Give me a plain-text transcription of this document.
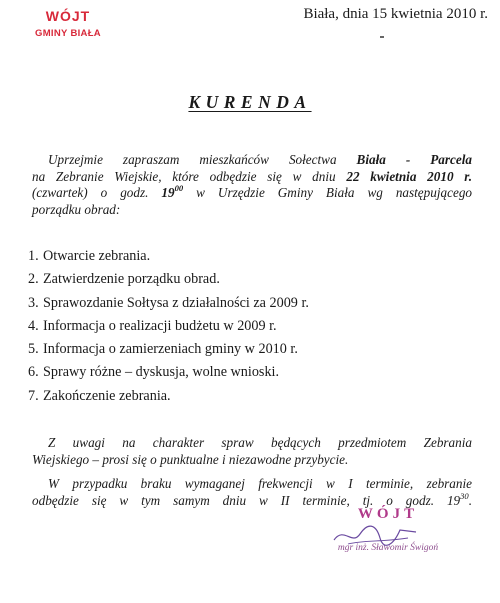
WÓJT
GMINY BIAŁA
Biała, dnia 15 kwietnia 2010 r.
KURENDA
Uprzejmie zapraszam mieszkańców Sołectwa Biała - Parcela
na Zebranie Wiejskie, które odbędzie się w dniu 22 kwietnia 2010 r.
(czwartek) o godz. $19^{00}$ w Urzędzie Gminy Biała wg następującego
porządku obrad:
1. Otwarcie zebrania.
2. Zatwierdzenie porządku obrad.
3. Sprawozdanie Sołtysa z działalności za 2009 r.
4. Informacja o realizacji budżetu w 2009 r.
5. Informacja o zamierzeniach gminy w 2010 r.
6. Sprawy różne – dyskusja, wolne wnioski.
7. Zakończenie zebrania.
Z uwagi na charakter spraw będących przedmiotem Zebrania
Wiejskiego – prosi się o punktualne i niezawodne przybycie.
W przypadku braku wymaganej frekwencji w I terminie, zebranie
odbędzie się w tym samym dniu w II terminie, tj. o godz. $19^{30}$.
WÓJT
mgr inż. Sławomir Świgoń
